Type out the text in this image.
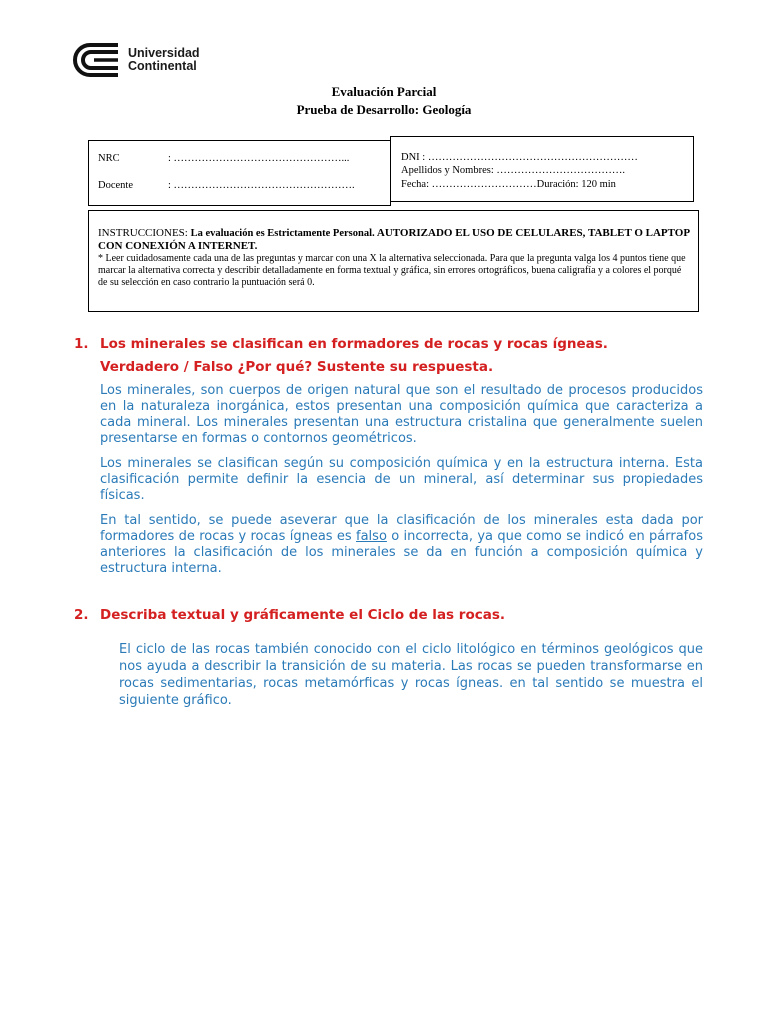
Universidad
Continental
Evaluación Parcial
Prueba de Desarrollo: Geología
NRC	: …………………………………………...
Docente	: …………………………………………….
DNI : ……………………………………………………
Apellidos y Nombres: ……………………………….
Fecha: …………………………Duración: 120 min
INSTRUCCIONES: La evaluación es Estrictamente Personal. AUTORIZADO EL USO DE CELULARES, TABLET O LAPTOP CON CONEXIÓN A INTERNET.
* Leer cuidadosamente cada una de las preguntas y marcar con una X la alternativa seleccionada. Para que la pregunta valga los 4 puntos tiene que marcar la alternativa correcta y describir detalladamente en forma textual y gráfica, sin errores ortográficos, buena caligrafía y a colores el porqué de su selección en caso contrario la puntuación será 0.
1. Los minerales se clasifican en formadores de rocas y rocas ígneas.
Verdadero / Falso ¿Por qué? Sustente su respuesta.
Los minerales, son cuerpos de origen natural que son el resultado de procesos producidos en la naturaleza inorgánica, estos presentan una composición química que caracteriza a cada mineral. Los minerales presentan una estructura cristalina que generalmente suelen presentarse en formas o contornos geométricos.
Los minerales se clasifican según su composición química y en la estructura interna. Esta clasificación permite definir la esencia de un mineral, así determinar sus propiedades físicas.
En tal sentido, se puede aseverar que la clasificación de los minerales esta dada por formadores de rocas y rocas ígneas es falso o incorrecta, ya que como se indicó en párrafos anteriores la clasificación de los minerales se da en función a composición química y estructura interna.
2. Describa textual y gráficamente el Ciclo de las rocas.
El ciclo de las rocas también conocido con el ciclo litológico en términos geológicos que nos ayuda a describir la transición de su materia. Las rocas se pueden transformarse en rocas sedimentarias, rocas metamórficas y rocas ígneas. en tal sentido se muestra el siguiente gráfico.
